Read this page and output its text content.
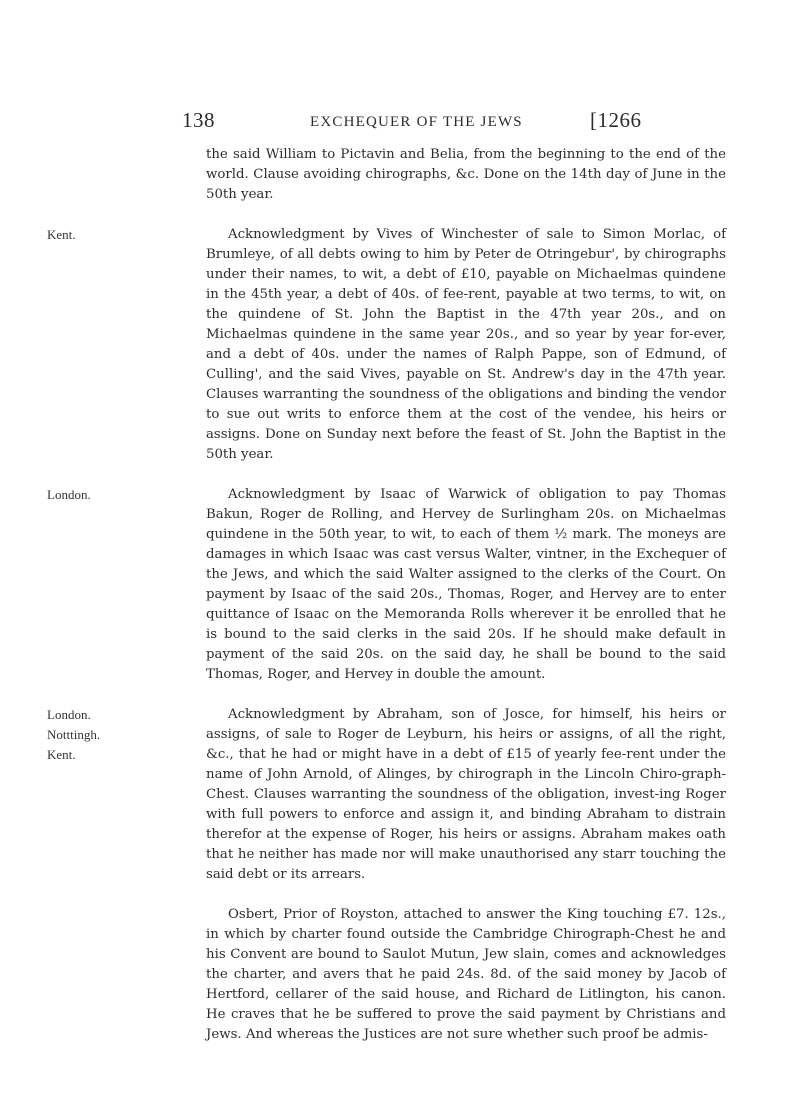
138	EXCHEQUER OF THE JEWS	[1266

the said William to Pictavin and Belia, from the beginning to the end of the world. Clause avoiding chirographs, &c. Done on the 14th day of June in the 50th year.

Kent.	Acknowledgment by Vives of Winchester of sale to Simon Morlac, of Brumleye, of all debts owing to him by Peter de Otringebur', by chirographs under their names, to wit, a debt of £10, payable on Michaelmas quindene in the 45th year, a debt of 40s. of fee-rent, payable at two terms, to wit, on the quindene of St. John the Baptist in the 47th year 20s., and on Michaelmas quindene in the same year 20s., and so year by year for-ever, and a debt of 40s. under the names of Ralph Pappe, son of Edmund, of Culling', and the said Vives, payable on St. Andrew's day in the 47th year. Clauses warranting the soundness of the obligations and binding the vendor to sue out writs to enforce them at the cost of the vendee, his heirs or assigns. Done on Sunday next before the feast of St. John the Baptist in the 50th year.

London.	Acknowledgment by Isaac of Warwick of obligation to pay Thomas Bakun, Roger de Rolling, and Hervey de Surlingham 20s. on Michaelmas quindene in the 50th year, to wit, to each of them ½ mark. The moneys are damages in which Isaac was cast versus Walter, vintner, in the Exchequer of the Jews, and which the said Walter assigned to the clerks of the Court. On payment by Isaac of the said 20s., Thomas, Roger, and Hervey are to enter quittance of Isaac on the Memoranda Rolls wherever it be enrolled that he is bound to the said clerks in the said 20s. If he should make default in payment of the said 20s. on the said day, he shall be bound to the said Thomas, Roger, and Hervey in double the amount.

London.
Notttingh.
Kent.
Acknowledgment by Abraham, son of Josce, for himself, his heirs or assigns, of sale to Roger de Leyburn, his heirs or assigns, of all the right, &c., that he had or might have in a debt of £15 of yearly fee-rent under the name of John Arnold, of Alinges, by chirograph in the Lincoln Chiro-graph-Chest. Clauses warranting the soundness of the obligation, invest-ing Roger with full powers to enforce and assign it, and binding Abraham to distrain therefor at the expense of Roger, his heirs or assigns. Abraham makes oath that he neither has made nor will make unauthorised any starr touching the said debt or its arrears.

Osbert, Prior of Royston, attached to answer the King touching £7. 12s., in which by charter found outside the Cambridge Chirograph-Chest he and his Convent are bound to Saulot Mutun, Jew slain, comes and acknowledges the charter, and avers that he paid 24s. 8d. of the said money by Jacob of Hertford, cellarer of the said house, and Richard de Litlington, his canon. He craves that he be suffered to prove the said payment by Christians and Jews. And whereas the Justices are not sure whether such proof be admis-
